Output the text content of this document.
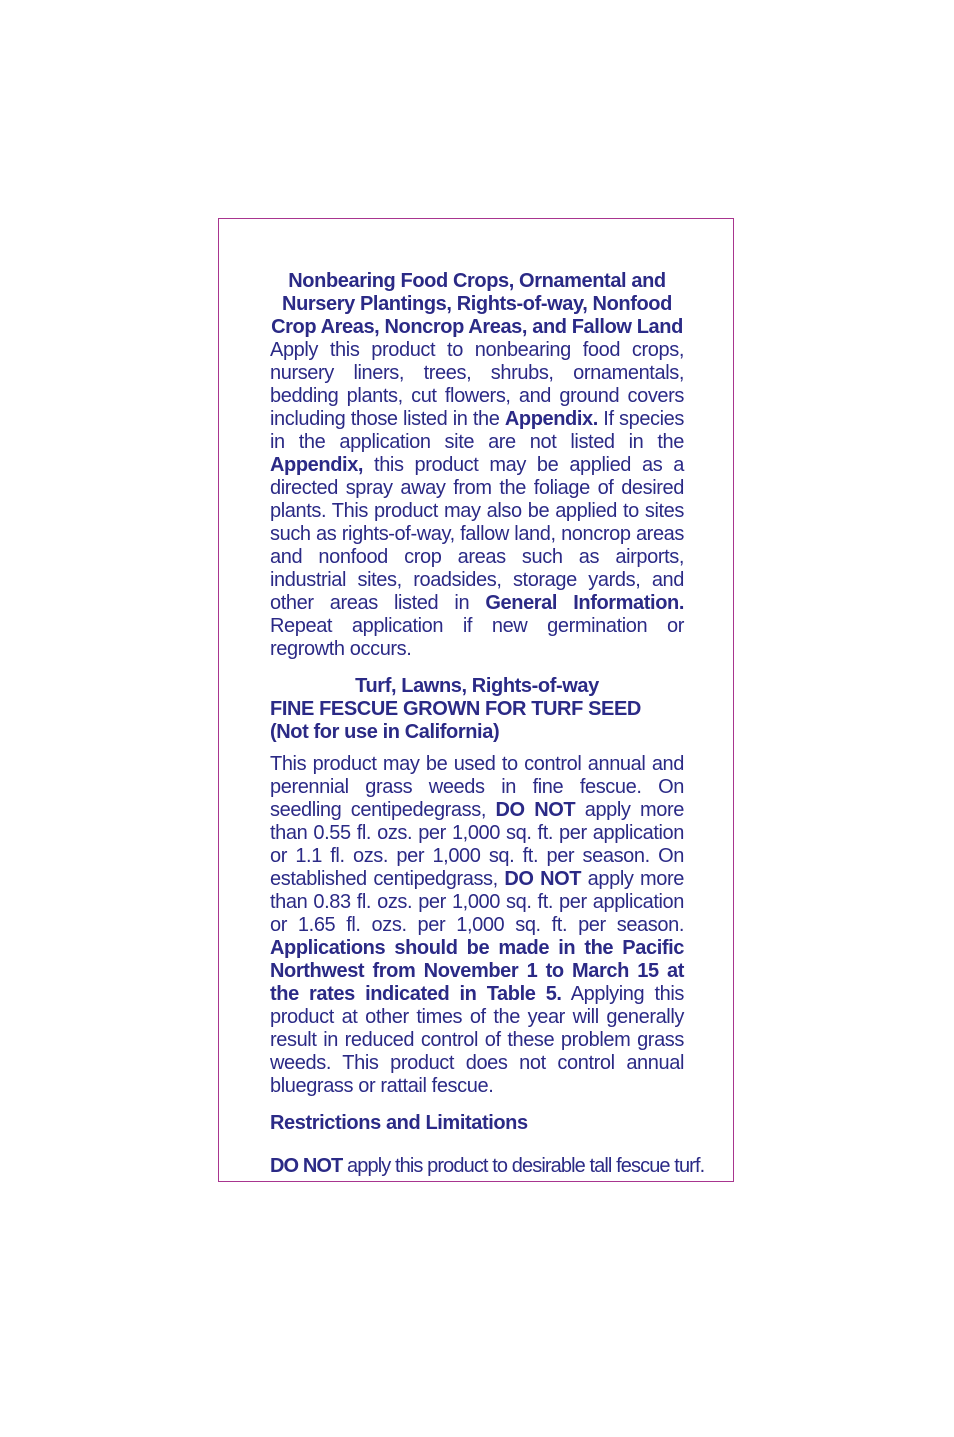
Nonbearing Food Crops, Ornamental and
Nursery Plantings, Rights-of-way, Nonfood
Crop Areas, Noncrop Areas, and Fallow Land

Apply this product to nonbearing food crops, nursery liners, trees, shrubs, ornamentals, bedding plants, cut flowers, and ground covers including those listed in the Appendix. If species in the application site are not listed in the Appendix, this product may be applied as a directed spray away from the foliage of desired plants. This product may also be applied to sites such as rights-of-way, fallow land, noncrop areas and nonfood crop areas such as airports, industrial sites, roadsides, storage yards, and other areas listed in General Information. Repeat application if new germination or regrowth occurs.

Turf, Lawns, Rights-of-way

FINE FESCUE GROWN FOR TURF SEED
(Not for use in California)

This product may be used to control annual and perennial grass weeds in fine fescue. On seedling centipedegrass, DO NOT apply more than 0.55 fl. ozs. per 1,000 sq. ft. per application or 1.1 fl. ozs. per 1,000 sq. ft. per season. On established centipedgrass, DO NOT apply more than 0.83 fl. ozs. per 1,000 sq. ft. per application or 1.65 fl. ozs. per 1,000 sq. ft. per season. Applications should be made in the Pacific Northwest from November 1 to March 15 at the rates indicated in Table 5. Applying this product at other times of the year will generally result in reduced control of these problem grass weeds. This product does not control annual bluegrass or rattail fescue.

Restrictions and Limitations

DO NOT apply this product to desirable tall fescue turf.
